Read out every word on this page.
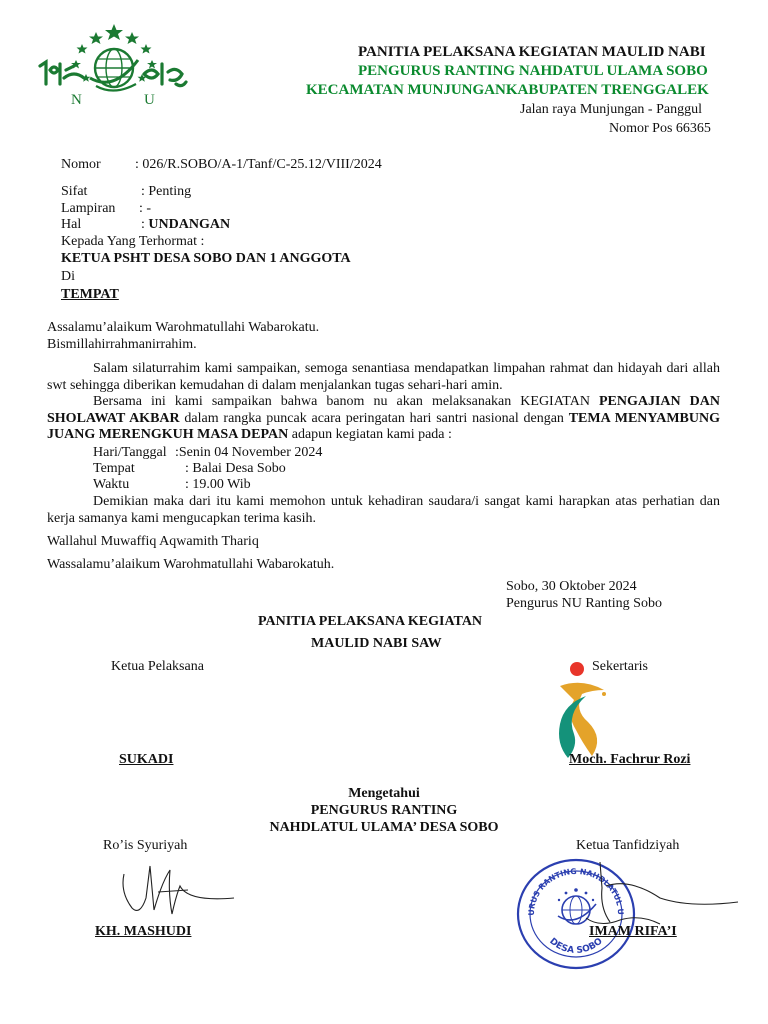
N	U
PANITIA PELAKSANA KEGIATAN MAULID NABI
PENGURUS RANTING NAHDATUL ULAMA SOBO
KECAMATAN MUNJUNGANKABUPATEN TRENGGALEK
Jalan raya Munjungan - Panggul
Nomor Pos 66365
Nomor : 026/R.SOBO/A-1/Tanf/C-25.12/VIII/2024
Sifat	: Penting
Lampiran : -
Hal	: UNDANGAN
Kepada Yang Terhormat :
KETUA PSHT DESA SOBO DAN 1 ANGGOTA
Di
TEMPAT
Assalamu’alaikum Warohmatullahi Wabarokatu.
Bismillahirrahmanirrahim.
Salam silaturrahim kami sampaikan, semoga senantiasa mendapatkan limpahan rahmat dan hidayah dari allah swt sehingga diberikan kemudahan di dalam menjalankan tugas sehari-hari amin.
Bersama ini kami sampaikan bahwa banom nu akan melaksanakan KEGIATAN PENGAJIAN DAN SHOLAWAT AKBAR dalam rangka puncak acara peringatan hari santri nasional dengan TEMA MENYAMBUNG JUANG MERENGKUH MASA DEPAN adapun kegiatan kami pada :
Hari/Tanggal :Senin 04 November 2024
Tempat	: Balai Desa Sobo
Waktu	: 19.00 Wib
Demikian maka dari itu kami memohon untuk kehadiran saudara/i sangat kami harapkan atas perhatian dan kerja samanya kami mengucapkan terima kasih.
Wallahul Muwaffiq Aqwamith Thariq
Wassalamu’alaikum Warohmatullahi Wabarokatuh.
Sobo, 30 Oktober 2024
Pengurus NU Ranting Sobo
PANITIA PELAKSANA KEGIATAN
MAULID NABI SAW
Ketua Pelaksana	Sekertaris
SUKADI	Moch. Fachrur Rozi
Mengetahui
PENGURUS RANTING
NAHDLATUL ULAMA’ DESA SOBO
Ro’is Syuriyah	Ketua Tanfidziyah
URUS RANTING NAHDLATUL U
DESA SOBO
KH. MASHUDI	IMAM RIFA’I
